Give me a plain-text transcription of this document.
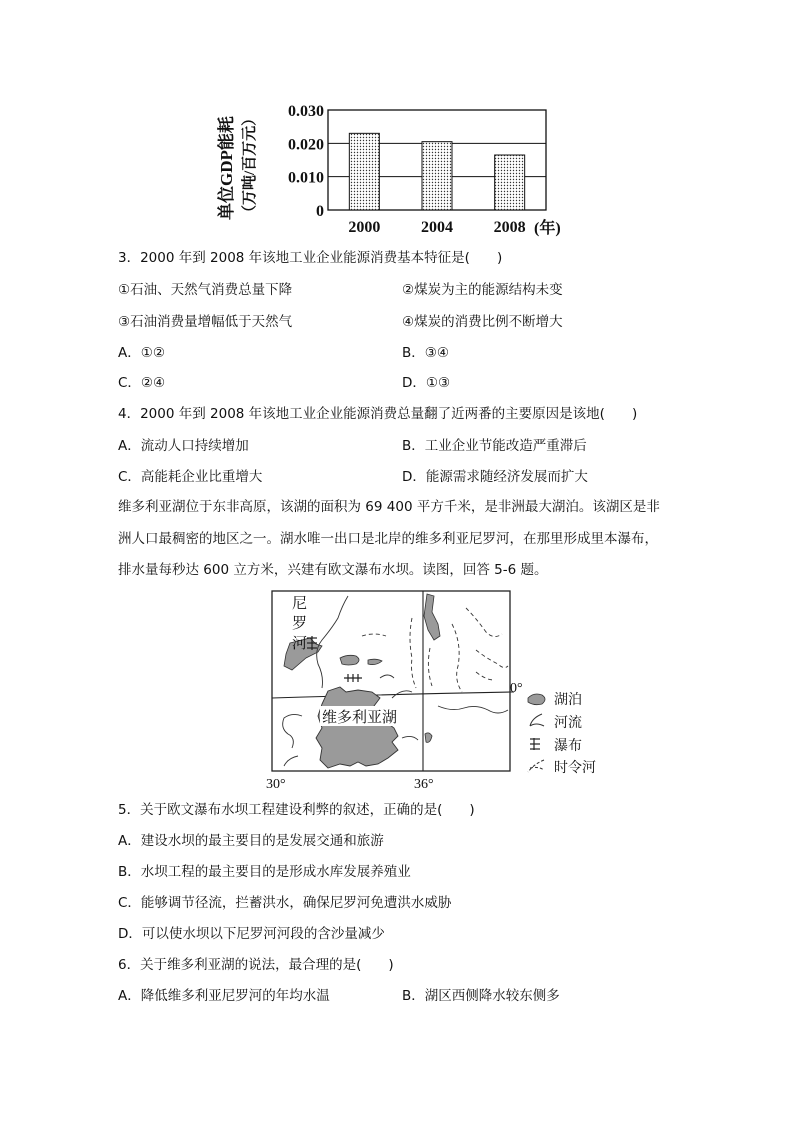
0.030
0.020
0.010
0
2000	2004	2008 (年)
单位GDP能耗 （万吨/百万元）
3．2000 年到 2008 年该地工业企业能源消费基本特征是(　　)
①石油、天然气消费总量下降	②煤炭为主的能源结构未变
③石油消费量增幅低于天然气	④煤炭的消费比例不断增大
A．①②	B．③④
C．②④	D．①③
4．2000 年到 2008 年该地工业企业能源消费总量翻了近两番的主要原因是该地(　　)
A．流动人口持续增加	B．工业企业节能改造严重滞后
C．高能耗企业比重增大	D．能源需求随经济发展而扩大
维多利亚湖位于东非高原，该湖的面积为 69 400 平方千米，是非洲最大湖泊。该湖区是非
洲人口最稠密的地区之一。湖水唯一出口是北岸的维多利亚尼罗河，在那里形成里本瀑布，
排水量每秒达 600 立方米，兴建有欧文瀑布水坝。读图，回答 5-6 题。
维多利亚湖
尼
罗
河
0°
30°	36°
湖泊
河流
瀑布
时令河
5．关于欧文瀑布水坝工程建设利弊的叙述，正确的是(　　)
A．建设水坝的最主要目的是发展交通和旅游
B．水坝工程的最主要目的是形成水库发展养殖业
C．能够调节径流，拦蓄洪水，确保尼罗河免遭洪水威胁
D．可以使水坝以下尼罗河河段的含沙量减少
6．关于维多利亚湖的说法，最合理的是(　　)
A．降低维多利亚尼罗河的年均水温	B．湖区西侧降水较东侧多
